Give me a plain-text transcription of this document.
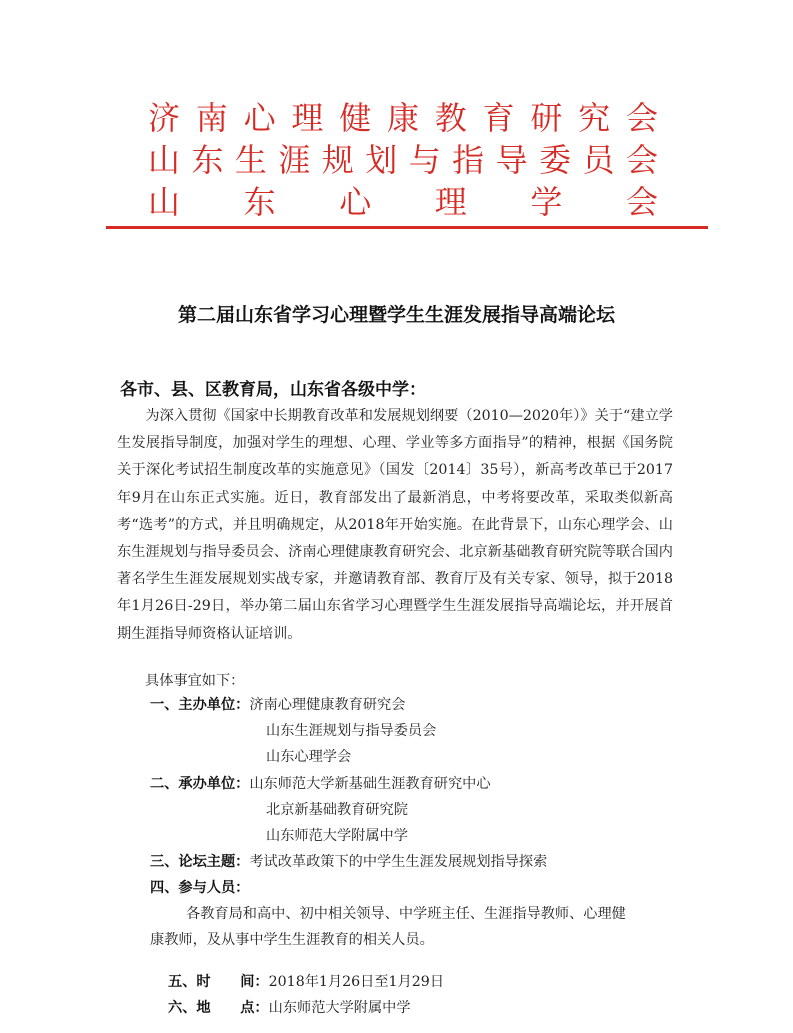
济 南 心 理 健 康 教 育 研 究 会
山 东 生 涯 规 划 与 指 导 委 员 会
山 东 心 理 学 会
第二届山东省学习心理暨学生生涯发展指导高端论坛
各市、县、区教育局，山东省各级中学：

为深入贯彻《国家中长期教育改革和发展规划纲要（2010—2020年）》关于“建立学生发展指导制度，加强对学生的理想、心理、学业等多方面指导”的精神，根据《国务院关于深化考试招生制度改革的实施意见》（国发〔2014〕35号），新高考改革已于2017年9月在山东正式实施。近日，教育部发出了最新消息，中考将要改革，采取类似新高考“选考”的方式，并且明确规定，从2018年开始实施。在此背景下，山东心理学会、山东生涯规划与指导委员会、济南心理健康教育研究会、北京新基础教育研究院等联合国内著名学生生涯发展规划实战专家，并邀请教育部、教育厅及有关专家、领导，拟于2018年1月26日-29日，举办第二届山东省学习心理暨学生生涯发展指导高端论坛，并开展首期生涯指导师资格认证培训。

具体事宜如下：
一、主办单位：济南心理健康教育研究会
山东生涯规划与指导委员会
山东心理学会
二、承办单位：山东师范大学新基础生涯教育研究中心
北京新基础教育研究院
山东师范大学附属中学
三、论坛主题：考试改革政策下的中学生生涯发展规划指导探索
四、参与人员：
各教育局和高中、初中相关领导、中学班主任、生涯指导教师、心理健
康教师，及从事中学生生涯教育的相关人员。

五、时      间：2018年1月26日至1月29日

六、地      点：山东师范大学附属中学
